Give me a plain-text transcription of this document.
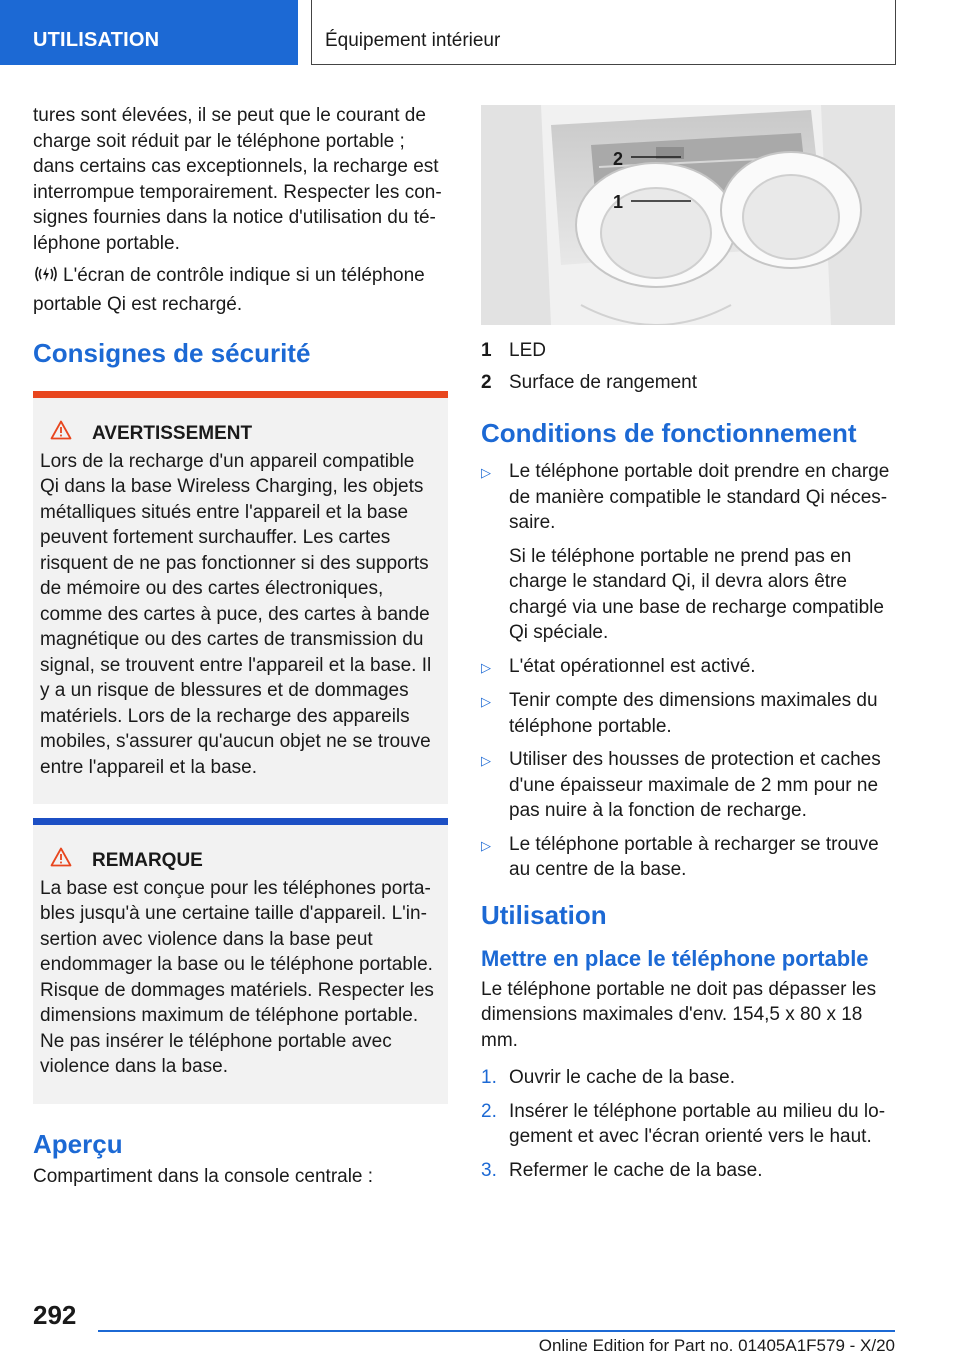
UTILISATION	Équipement intérieur

tures sont élevées, il se peut que le courant de charge soit réduit par le téléphone portable ; dans certains cas exceptionnels, la recharge est interrompue temporairement. Respecter les consignes fournies dans la notice d'utilisation du téléphone portable.

L'écran de contrôle indique si un téléphone portable Qi est rechargé.

Consignes de sécurité
AVERTISSEMENT

Lors de la recharge d'un appareil compatible Qi dans la base Wireless Charging, les objets métalliques situés entre l'appareil et la base peuvent fortement surchauffer. Les cartes risquent de ne pas fonctionner si des supports de mémoire ou des cartes électroniques, comme des cartes à puce, des cartes à bande magnétique ou des cartes de transmission du signal, se trouvent entre l'appareil et la base. Il y a un risque de blessures et de dommages matériels. Lors de la recharge des appareils mobiles, s'assurer qu'aucun objet ne se trouve entre l'appareil et la base.

REMARQUE

La base est conçue pour les téléphones portables jusqu'à une certaine taille d'appareil. L'insertion avec violence dans la base peut endommager la base ou le téléphone portable. Risque de dommages matériels. Respecter les dimensions maximum de téléphone portable. Ne pas insérer le téléphone portable avec violence dans la base.

Aperçu

Compartiment dans la console centrale :

2
1
1 LED
2 Surface de rangement
Conditions de fonctionnement
▷ Le téléphone portable doit prendre en charge de manière compatible le standard Qi nécessaire.

Si le téléphone portable ne prend pas en charge le standard Qi, il devra alors être chargé via une base de recharge compatible Qi spéciale.

▷ L'état opérationnel est activé.
▷ Tenir compte des dimensions maximales du téléphone portable.
▷ Utiliser des housses de protection et caches d'une épaisseur maximale de 2 mm pour ne pas nuire à la fonction de recharge.
▷ Le téléphone portable à recharger se trouve au centre de la base.
Utilisation
Mettre en place le téléphone portable

Le téléphone portable ne doit pas dépasser les dimensions maximales d'env. 154,5 x 80 x 18 mm.

1. Ouvrir le cache de la base.
2. Insérer le téléphone portable au milieu du logement et avec l'écran orienté vers le haut.
3. Refermer le cache de la base.
292
Online Edition for Part no. 01405A1F579 - X/20
